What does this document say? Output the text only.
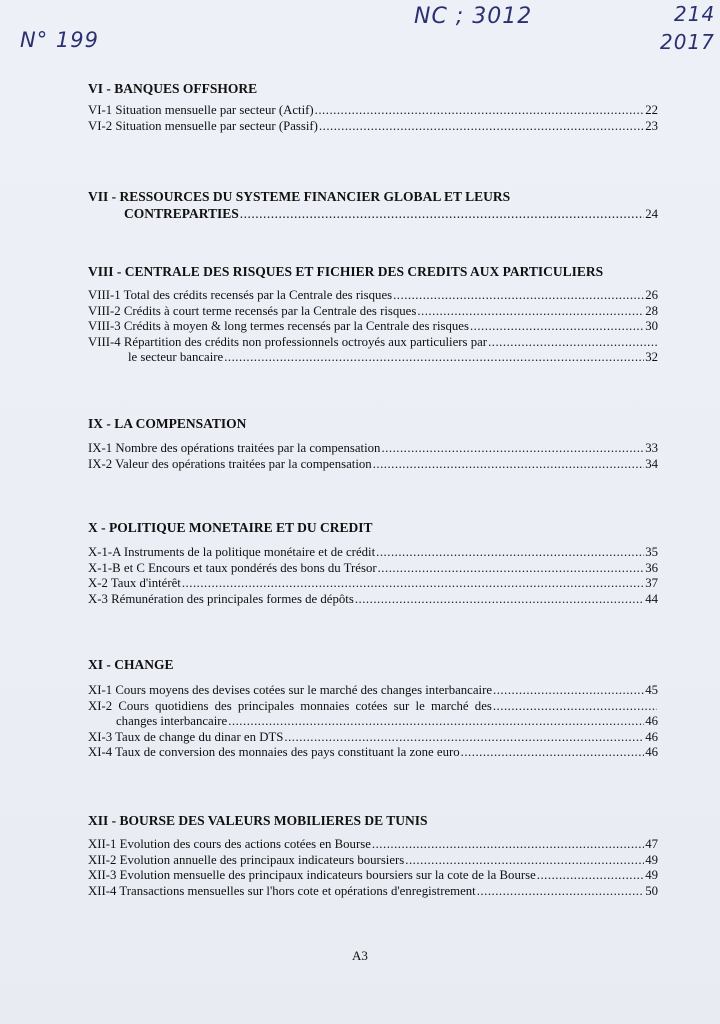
N° 199
NC ; 3012	214
2017
VI - BANQUES OFFSHORE
VI-1 Situation mensuelle par secteur (Actif) .....	22
VI-2 Situation mensuelle par secteur (Passif) .....	23
VII - RESSOURCES DU SYSTEME FINANCIER GLOBAL ET LEURS
CONTREPARTIES .....	24
VIII - CENTRALE DES RISQUES ET FICHIER DES CREDITS AUX PARTICULIERS
VIII-1 Total des crédits recensés par la Centrale des risques .....	26
VIII-2 Crédits à court terme recensés par la Centrale des risques .....	28
VIII-3 Crédits à moyen & long termes recensés par la Centrale des risques .....	30
VIII-4 Répartition des crédits non professionnels octroyés aux particuliers par
.....
le secteur bancaire .....	32
IX - LA COMPENSATION
IX-1 Nombre des opérations traitées par la compensation .....	33
IX-2 Valeur des opérations traitées par la compensation .....	34
X - POLITIQUE MONETAIRE ET DU CREDIT
X-1-A Instruments de la politique monétaire et de crédit .....	35
X-1-B et C Encours et taux pondérés des bons du Trésor .....	36
X-2 Taux d'intérêt .....	37
X-3 Rémunération des principales formes de dépôts .....	44
XI - CHANGE
XI-1 Cours moyens des devises cotées sur le marché des changes interbancaire .....	45
XI-2 Cours quotidiens des principales monnaies cotées sur le marché des
.....
changes interbancaire .....	46
XI-3 Taux de change du dinar en DTS .....	46
XI-4 Taux de conversion des monnaies des pays constituant la zone euro .....	46
XII - BOURSE DES VALEURS MOBILIERES DE TUNIS
XII-1 Evolution des cours des actions cotées en Bourse .....	47
XII-2 Evolution annuelle des principaux indicateurs boursiers .....	49
XII-3 Evolution mensuelle des principaux indicateurs boursiers sur la cote de la Bourse .....	49
XII-4 Transactions mensuelles sur l'hors cote et opérations d'enregistrement .....	50
A3
